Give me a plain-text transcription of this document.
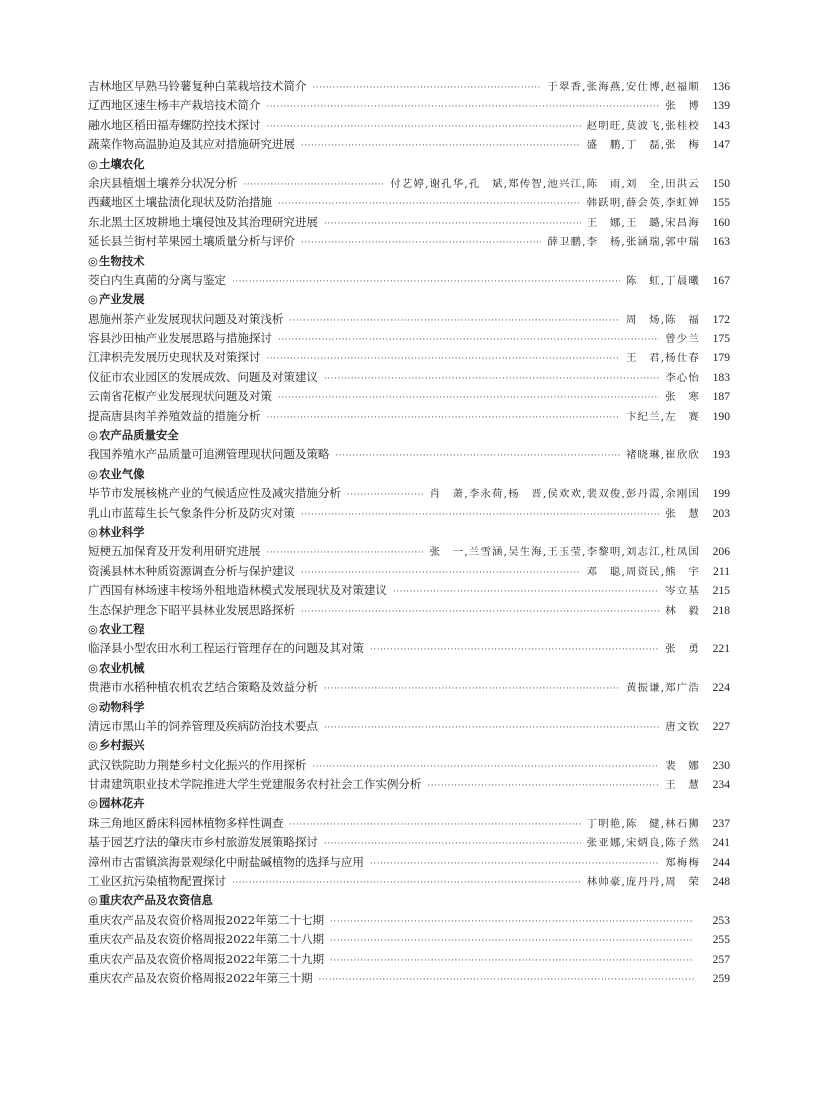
吉林地区早熟马铃薯复种白菜栽培技术简介 ·····	于翠香,张海燕,安仕博,赵福顺	136
辽西地区速生杨丰产栽培技术简介 ·····	张　博	139
融水地区稻田福寿螺防控技术探讨 ·····	赵明旺,莫波飞,张桂校	143
蔬菜作物高温胁迫及其应对措施研究进展 ·····	盛　鹏,丁　磊,张　梅	147
◎ 土壤农化
余庆县植烟土壤养分状况分析 ·····	付艺婷,谢孔华,孔　斌,郑传智,池兴江,陈　雨,刘　全,田洪云	150
西藏地区土壤盐渍化现状及防治措施 ·····	韩跃明,薛会英,李虹婵	155
东北黑土区坡耕地土壤侵蚀及其治理研究进展 ·····	王　娜,王　璐,宋昌海	160
延长县兰街村苹果园土壤质量分析与评价 ·····	薛卫鹏,李　杨,张涵瑞,郭中瑞	163
◎ 生物技术
茭白内生真菌的分离与鉴定 ·····	陈　虹,丁晨曦	167
◎ 产业发展
恩施州茶产业发展现状问题及对策浅析 ·····	周　炀,陈　福	172
容县沙田柚产业发展思路与措施探讨 ·····	曾少兰	175
江津枳壳发展历史现状及对策探讨 ·····	王　君,杨仕春	179
仪征市农业园区的发展成效、问题及对策建议 ·····	李心怡	183
云南省花椒产业发展现状问题及对策 ·····	张　寒	187
提高唐县肉羊养殖效益的措施分析 ·····	卞纪兰,左　赛	190
◎ 农产品质量安全
我国养殖水产品质量可追溯管理现状问题及策略 ·····	褚晓琳,崔欣欣	193
◎ 农业气像
毕节市发展核桃产业的气候适应性及减灾措施分析 ·····	肖　萧,李永荷,杨　晋,侯欢欢,裴双俊,彭丹霞,余刚国	199
乳山市蓝莓生长气象条件分析及防灾对策 ·····	张　慧	203
◎ 林业科学
短梗五加保育及开发利用研究进展 ·····	张　一,兰雪涵,吴生海,王玉莹,李黎明,刘志江,杜凤国	206
资溪县林木种质资源调查分析与保护建议 ·····	邓　聪,周资民,熊　宇	211
广西国有林场速丰桉场外租地造林模式发展现状及对策建议 ·····	岑立基	215
生态保护理念下昭平县林业发展思路探析 ·····	林　毅	218
◎ 农业工程
临泽县小型农田水利工程运行管理存在的问题及其对策 ·····	张　勇	221
◎ 农业机械
贵港市水稻种植农机农艺结合策略及效益分析 ·····	黄振谦,郑广浩	224
◎ 动物科学
清远市黑山羊的饲养管理及疾病防治技术要点 ·····	唐文钦	227
◎ 乡村振兴
武汉铁院助力荆楚乡村文化振兴的作用探析 ·····	裴　娜	230
甘肃建筑职业技术学院推进大学生党建服务农村社会工作实例分析 ·····	王　慧	234
◎ 园林花卉
珠三角地区爵床科园林植物多样性调查 ·····	丁明艳,陈　健,林石狮	237
基于园艺疗法的肇庆市乡村旅游发展策略探讨 ·····	张亚娜,宋炳良,陈子然	241
漳州市古雷镇滨海景观绿化中耐盐碱植物的选择与应用 ·····	郑梅梅	244
工业区抗污染植物配置探讨 ·····	林帅豪,庞丹丹,周　荣	248
◎ 重庆农产品及农资信息
重庆农产品及农资价格周报2022年第二十七期 ·····	253
重庆农产品及农资价格周报2022年第二十八期 ·····	255
重庆农产品及农资价格周报2022年第二十九期 ·····	257
重庆农产品及农资价格周报2022年第三十期 ·····	259
